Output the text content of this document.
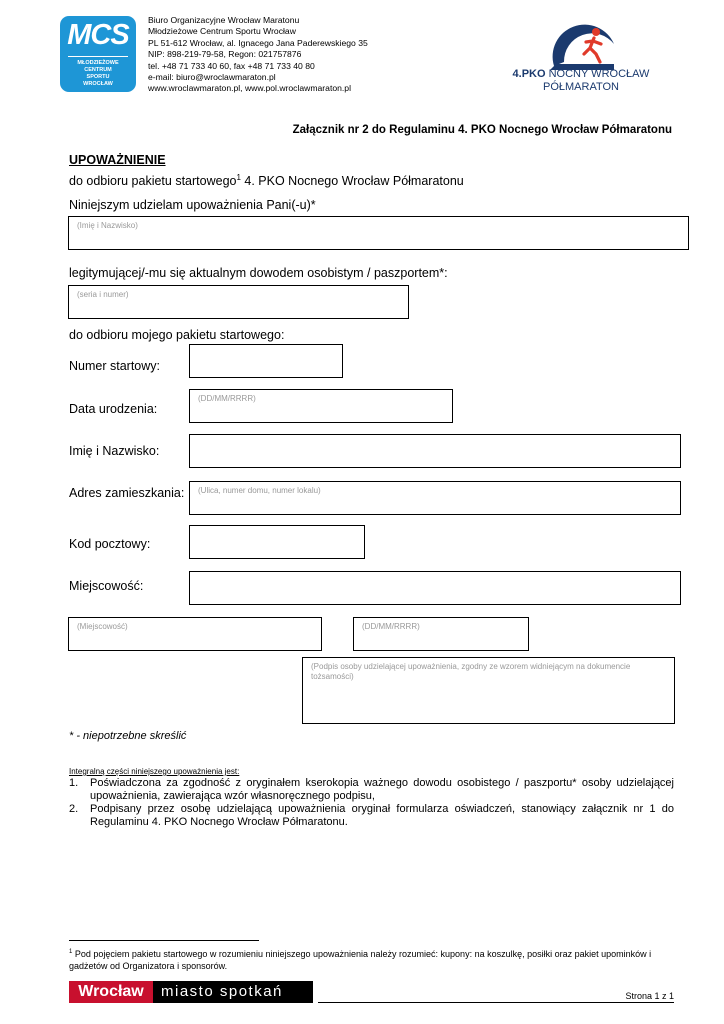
MCS
MŁODZIEŻOWE
CENTRUM
SPORTU
WROCŁAW
Biuro Organizacyjne Wrocław Maratonu
Młodzieżowe Centrum Sportu Wrocław
PL 51-612 Wrocław, al. Ignacego Jana Paderewskiego 35
NIP: 898-219-79-58, Regon: 021757876
tel. +48 71 733 40 60, fax +48 71 733 40 80
e-mail: biuro@wroclawmaraton.pl
www.wroclawmaraton.pl, www.pol.wroclawmaraton.pl
4.PKO NOCNY WROCŁAW
PÓŁMARATON
Załącznik nr 2 do Regulaminu 4. PKO Nocnego Wrocław Półmaratonu
UPOWAŻNIENIE
do odbioru pakietu startowego$^1$ 4. PKO Nocnego Wrocław Półmaratonu
Niniejszym udzielam upoważnienia Pani(-u)*
(Imię i Nazwisko)
legitymującej/-mu się aktualnym dowodem osobistym / paszportem*:
(seria i numer)
do odbioru mojego pakietu startowego:
Numer startowy:
Data urodzenia:
(DD/MM/RRRR)
Imię i Nazwisko:
Adres zamieszkania: (Ulica, numer domu, numer lokalu)
Kod pocztowy:
Miejscowość:
(Miejscowość)	(DD/MM/RRRR)
(Podpis osoby udzielającej upoważnienia, zgodny ze wzorem widniejącym na dokumencie tożsamości)
* - niepotrzebne skreślić
Integralną części niniejszego upoważnienia jest:
1. Poświadczona za zgodność z oryginałem kserokopia ważnego dowodu osobistego / paszportu* osoby udzielającej upoważnienia, zawierająca wzór własnoręcznego podpisu,
2. Podpisany przez osobę udzielającą upoważnienia oryginał formularza oświadczeń, stanowiący załącznik nr 1 do Regulaminu 4. PKO Nocnego Wrocław Półmaratonu.
$^1$ Pod pojęciem pakietu startowego w rozumieniu niniejszego upoważnienia należy rozumieć: kupony: na koszulkę, posiłki oraz pakiet upominków i gadżetów od Organizatora i sponsorów.
Wrocław	miasto spotkań	Strona 1 z 1
